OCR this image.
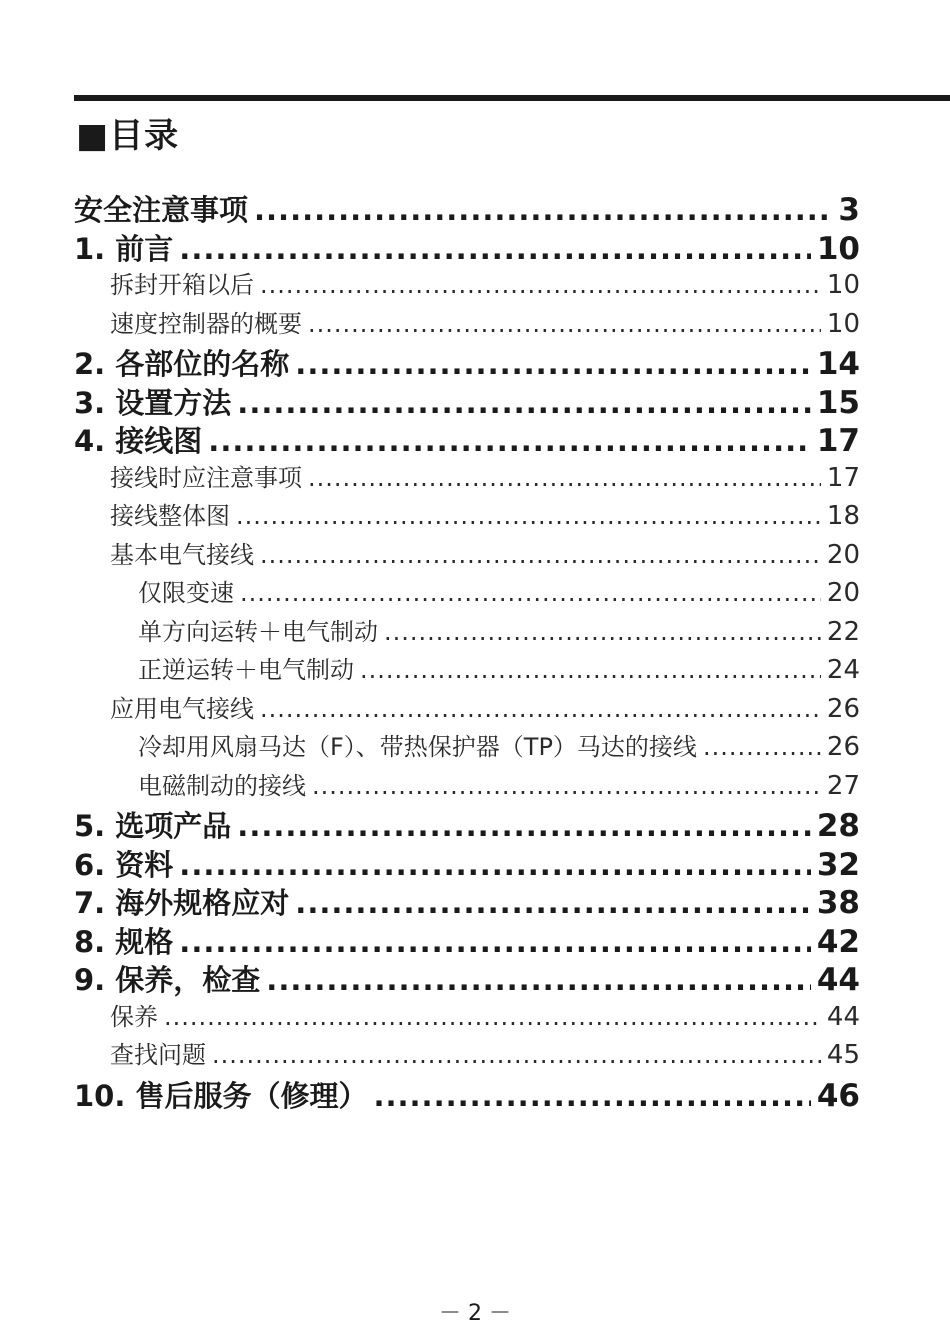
■目录
安全注意事项 .....	3
1. 前言 .....	10
拆封开箱以后 .....	10
速度控制器的概要 .....	10
2. 各部位的名称 .....	14
3. 设置方法 .....	15
4. 接线图 .....	17
接线时应注意事项 .....	17
接线整体图 .....	18
基本电气接线 .....	20
仅限变速 .....	20
单方向运转＋电气制动 .....	22
正逆运转＋电气制动 .....	24
应用电气接线 .....	26
冷却用风扇马达（F）、带热保护器（TP）马达的接线 .....	26
电磁制动的接线 .....	27
5. 选项产品 .....	28
6. 资料 .....	32
7. 海外规格应对 .....	38
8. 规格 .....	42
9. 保养，检查 .....	44
保养 .....	44
查找问题 .....	45
10. 售后服务（修理） .....	46
－ 2 －
